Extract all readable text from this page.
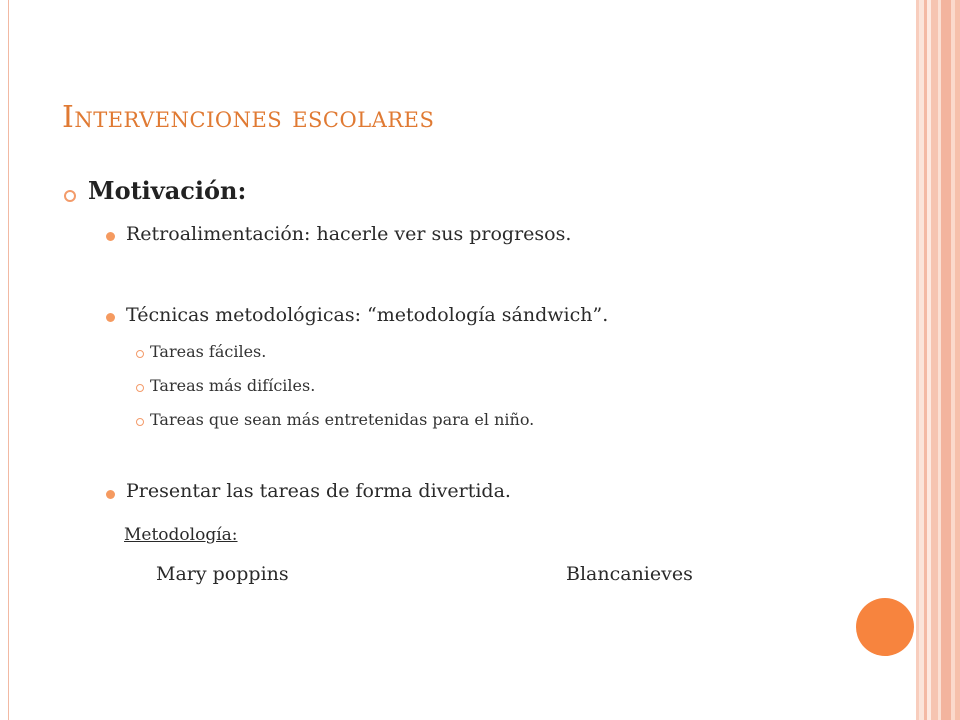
Intervenciones escolares
Motivación:
Retroalimentación: hacerle ver sus progresos.
Técnicas metodológicas: “metodología sándwich”.
Tareas fáciles.
Tareas más difíciles.
Tareas que sean más entretenidas para el niño.
Presentar las tareas de forma divertida.
Metodología:
Mary poppins	Blancanieves
